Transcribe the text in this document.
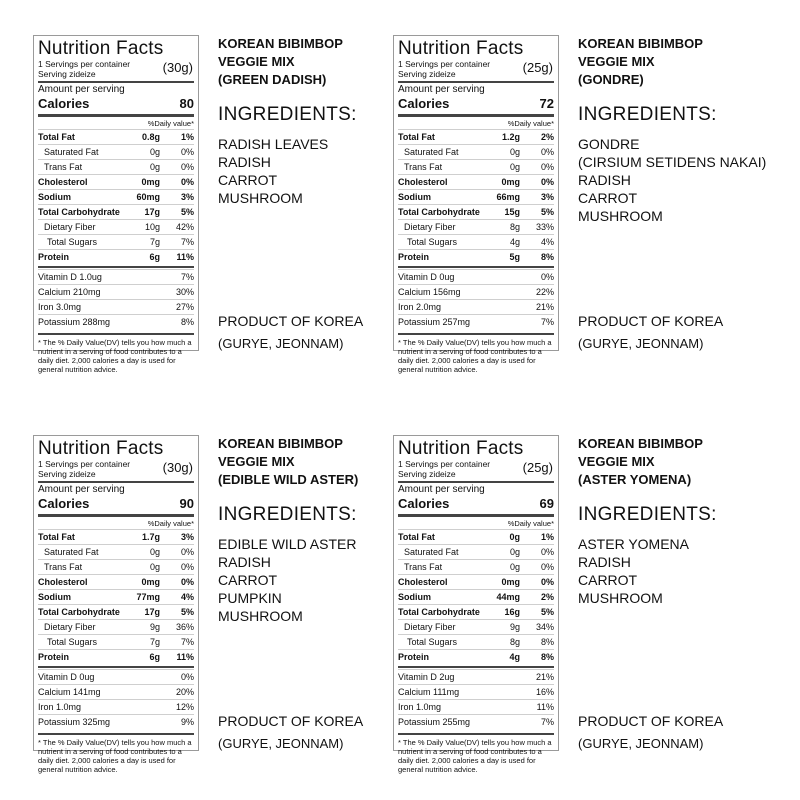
Nutrition Facts
1 Servings per container
Serving zideize	(30g)
Amount per serving
Calories	80
%Daily value*
Total Fat	0.8g	1%
Saturated Fat	0g	0%
Trans Fat	0g	0%
Cholesterol	0mg	0%
Sodium	60mg	3%
Total Carbohydrate	17g	5%
Dietary Fiber	10g	42%
Total Sugars	7g	7%
Protein	6g	11%
Vitamin D 1.0ug	7%
Calcium 210mg	30%
Iron 3.0mg	27%
Potassium 288mg	8%
* The % Daily Value(DV) tells you how much a nutrient in a serving of food contributes to a daily diet. 2,000 calories a day is used for general nutrition advice.
KOREAN BIBIMBOP
VEGGIE MIX
(GREEN DADISH)
INGREDIENTS:
RADISH LEAVES
RADISH
CARROT
MUSHROOM
PRODUCT OF KOREA
(GURYE, JEONNAM)
Nutrition Facts
1 Servings per container
Serving zideize	(25g)
Amount per serving
Calories	72
%Daily value*
Total Fat	1.2g	2%
Saturated Fat	0g	0%
Trans Fat	0g	0%
Cholesterol	0mg	0%
Sodium	66mg	3%
Total Carbohydrate	15g	5%
Dietary Fiber	8g	33%
Total Sugars	4g	4%
Protein	5g	8%
Vitamin D 0ug	0%
Calcium 156mg	22%
Iron 2.0mg	21%
Potassium 257mg	7%
* The % Daily Value(DV) tells you how much a nutrient in a serving of food contributes to a daily diet. 2,000 calories a day is used for general nutrition advice.
KOREAN BIBIMBOP
VEGGIE MIX
(GONDRE)
INGREDIENTS:
GONDRE
(CIRSIUM SETIDENS NAKAI)
RADISH
CARROT
MUSHROOM
PRODUCT OF KOREA
(GURYE, JEONNAM)
Nutrition Facts
1 Servings per container
Serving zideize	(30g)
Amount per serving
Calories	90
%Daily value*
Total Fat	1.7g	3%
Saturated Fat	0g	0%
Trans Fat	0g	0%
Cholesterol	0mg	0%
Sodium	77mg	4%
Total Carbohydrate	17g	5%
Dietary Fiber	9g	36%
Total Sugars	7g	7%
Protein	6g	11%
Vitamin D 0ug	0%
Calcium 141mg	20%
Iron 1.0mg	12%
Potassium 325mg	9%
* The % Daily Value(DV) tells you how much a nutrient in a serving of food contributes to a daily diet. 2,000 calories a day is used for general nutrition advice.
KOREAN BIBIMBOP
VEGGIE MIX
(EDIBLE WILD ASTER)
INGREDIENTS:
EDIBLE WILD ASTER
RADISH
CARROT
PUMPKIN
MUSHROOM
PRODUCT OF KOREA
(GURYE, JEONNAM)
Nutrition Facts
1 Servings per container
Serving zideize	(25g)
Amount per serving
Calories	69
%Daily value*
Total Fat	0g	1%
Saturated Fat	0g	0%
Trans Fat	0g	0%
Cholesterol	0mg	0%
Sodium	44mg	2%
Total Carbohydrate	16g	5%
Dietary Fiber	9g	34%
Total Sugars	8g	8%
Protein	4g	8%
Vitamin D 2ug	21%
Calcium 111mg	16%
Iron 1.0mg	11%
Potassium 255mg	7%
* The % Daily Value(DV) tells you how much a nutrient in a serving of food contributes to a daily diet. 2,000 calories a day is used for general nutrition advice.
KOREAN BIBIMBOP
VEGGIE MIX
(ASTER YOMENA)
INGREDIENTS:
ASTER YOMENA
RADISH
CARROT
MUSHROOM
PRODUCT OF KOREA
(GURYE, JEONNAM)
